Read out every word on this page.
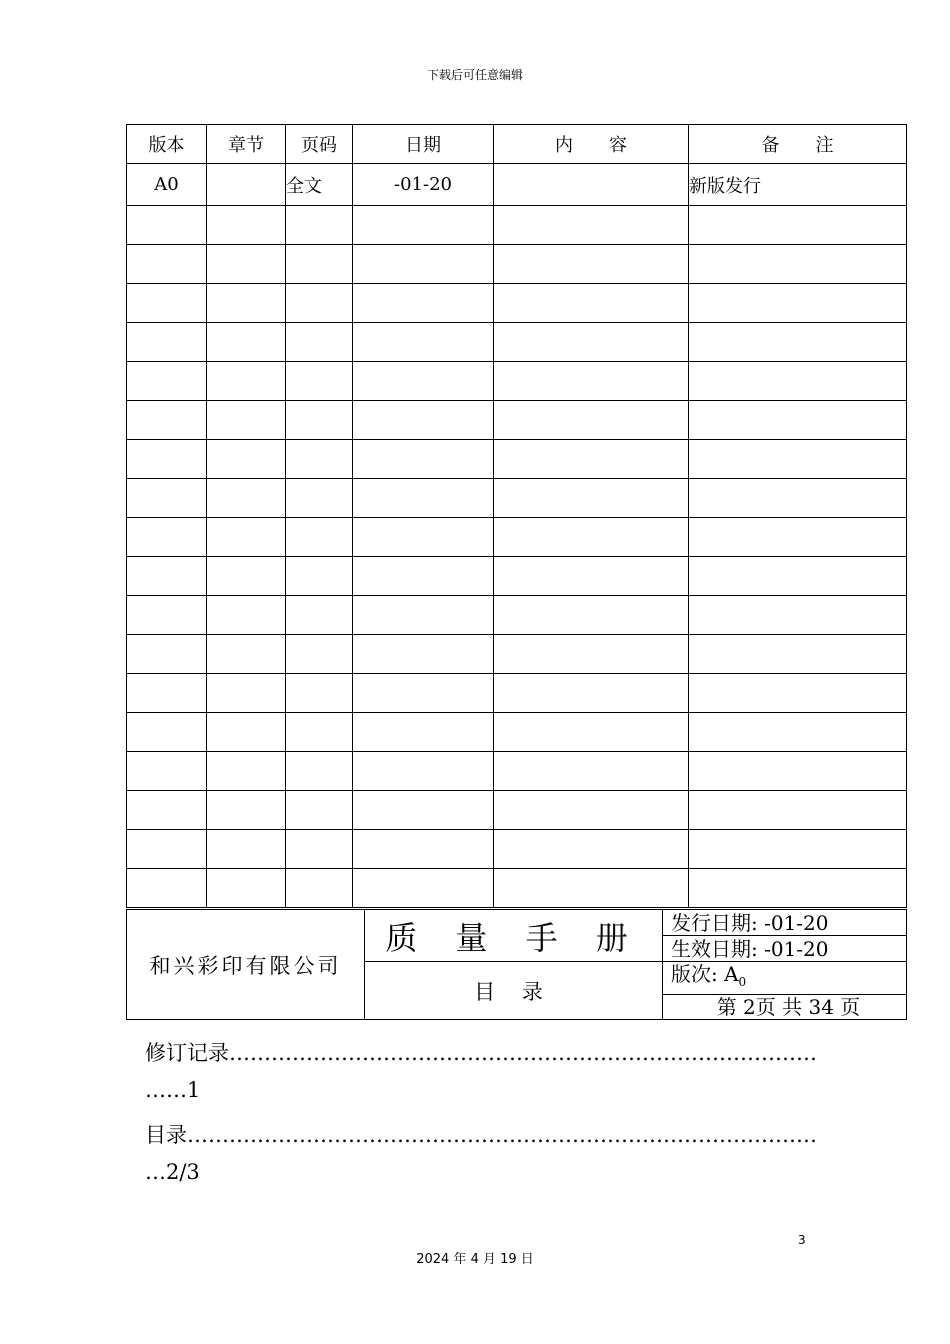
下载后可任意编辑
版本	章节	页码	日期	内　　容	备　　注
A0		全文	-01-20		新版发行

和兴彩印有限公司	质 量 手 册	发行日期: -01-20
		生效日期: -01-20
	目 录	版次: $A_0$
		第 2页 共 34 页
修订记录…………………………………………………………………………
……1
目录………………………………………………………………………………
…2/3
3
2024 年 4 月 19 日
